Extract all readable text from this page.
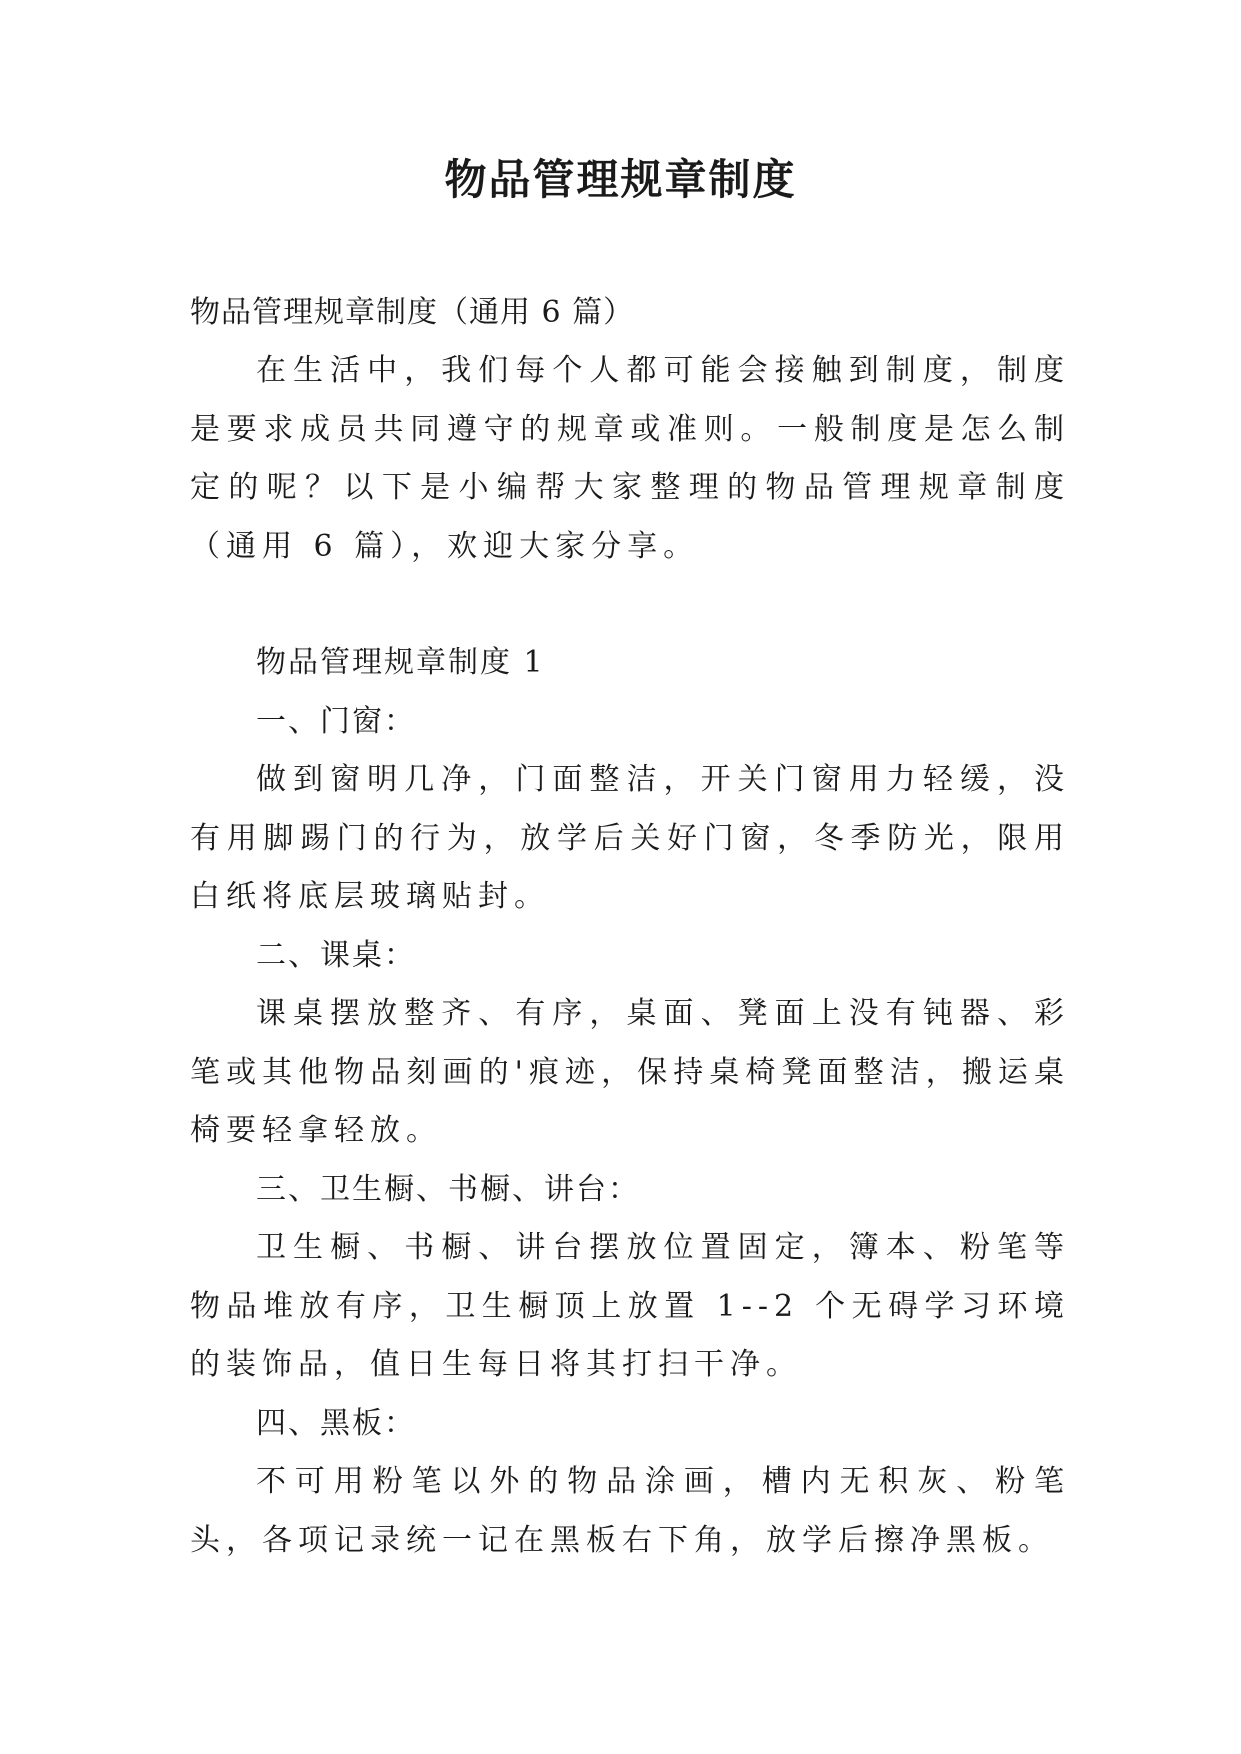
物品管理规章制度
物品管理规章制度（通用 6 篇）
在生活中，我们每个人都可能会接触到制度，制度是要求成员共同遵守的规章或准则。一般制度是怎么制定的呢？以下是小编帮大家整理的物品管理规章制度（通用 6 篇），欢迎大家分享。
物品管理规章制度 1
一、门窗：
做到窗明几净，门面整洁，开关门窗用力轻缓，没有用脚踢门的行为，放学后关好门窗，冬季防光，限用白纸将底层玻璃贴封。
二、课桌：
课桌摆放整齐、有序，桌面、凳面上没有钝器、彩笔或其他物品刻画的'痕迹，保持桌椅凳面整洁，搬运桌椅要轻拿轻放。
三、卫生橱、书橱、讲台：
卫生橱、书橱、讲台摆放位置固定，簿本、粉笔等物品堆放有序，卫生橱顶上放置 1--2 个无碍学习环境的装饰品，值日生每日将其打扫干净。
四、黑板：
不可用粉笔以外的物品涂画，槽内无积灰、粉笔头，各项记录统一记在黑板右下角，放学后擦净黑板。
